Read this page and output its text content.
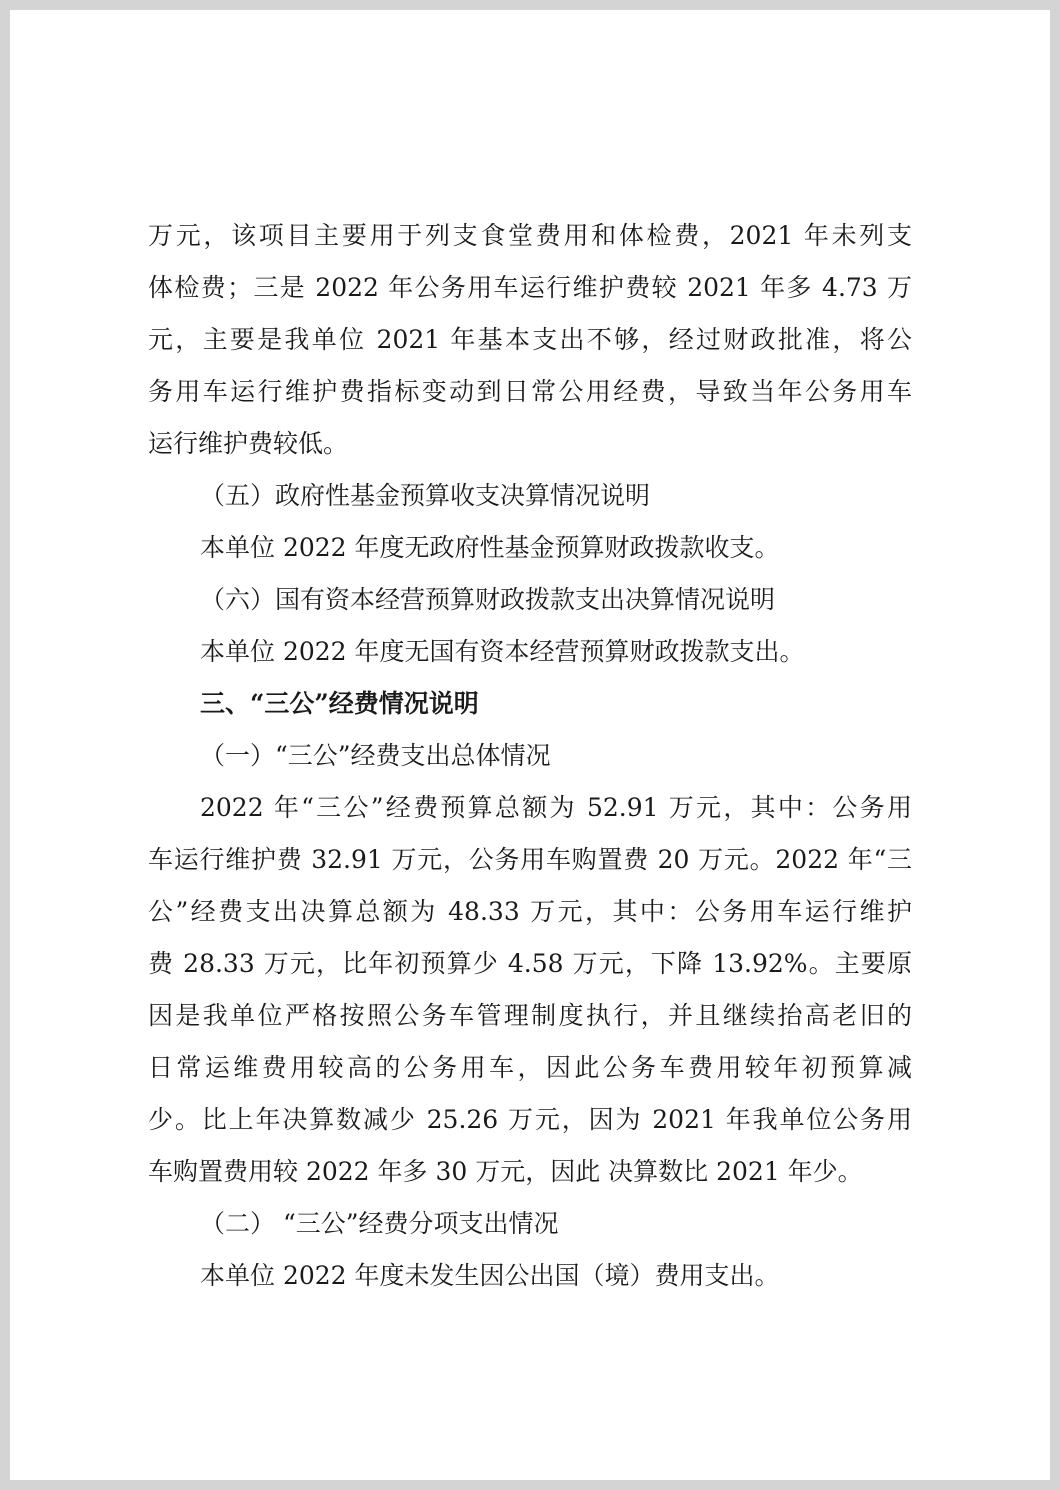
万元，该项目主要用于列支食堂费用和体检费，2021 年未列支
体检费；三是 2022 年公务用车运行维护费较 2021 年多 4.73 万
元，主要是我单位 2021 年基本支出不够，经过财政批准，将公
务用车运行维护费指标变动到日常公用经费，导致当年公务用车
运行维护费较低。
（五）政府性基金预算收支决算情况说明
本单位 2022 年度无政府性基金预算财政拨款收支。
（六）国有资本经营预算财政拨款支出决算情况说明
本单位 2022 年度无国有资本经营预算财政拨款支出。
三、“三公”经费情况说明
（一）“三公”经费支出总体情况
2022 年“三公”经费预算总额为 52.91 万元，其中：公务用
车运行维护费 32.91 万元，公务用车购置费 20 万元。2022 年“三
公”经费支出决算总额为 48.33 万元，其中：公务用车运行维护
费 28.33 万元，比年初预算少 4.58 万元，下降 13.92%。主要原
因是我单位严格按照公务车管理制度执行，并且继续抬高老旧的
日常运维费用较高的公务用车，因此公务车费用较年初预算减
少。比上年决算数减少 25.26 万元，因为 2021 年我单位公务用
车购置费用较 2022 年多 30 万元，因此 决算数比 2021 年少。
（二） “三公”经费分项支出情况
本单位 2022 年度未发生因公出国（境）费用支出。
